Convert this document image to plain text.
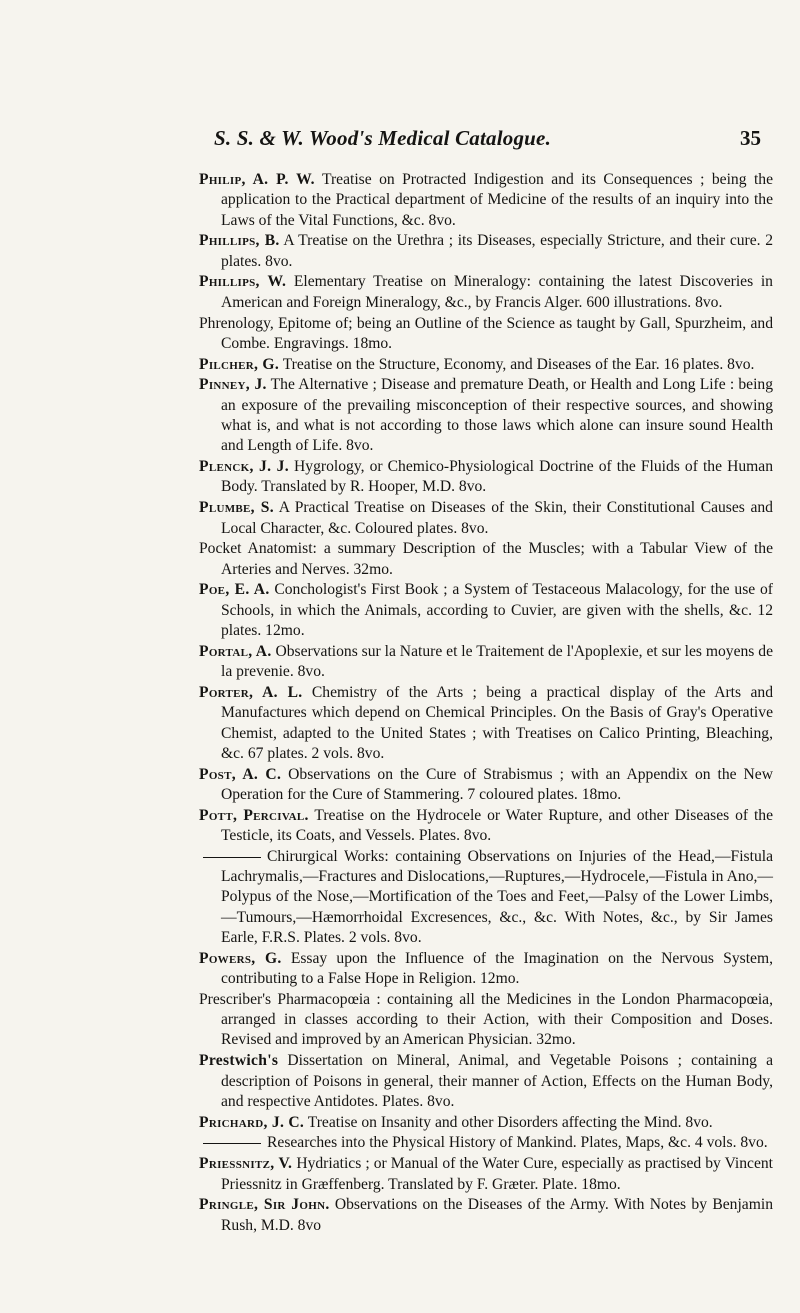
S. S. & W. Wood's Medical Catalogue.	35

Philip, A. P. W. Treatise on Protracted Indigestion and its Consequences ; being the application to the Practical department of Medicine of the results of an inquiry into the Laws of the Vital Functions, &c. 8vo.

Phillips, B. A Treatise on the Urethra ; its Diseases, especially Stricture, and their cure. 2 plates. 8vo.

Phillips, W. Elementary Treatise on Mineralogy: containing the latest Discoveries in American and Foreign Mineralogy, &c., by Francis Alger. 600 illustrations. 8vo.

Phrenology, Epitome of; being an Outline of the Science as taught by Gall, Spurzheim, and Combe. Engravings. 18mo.

Pilcher, G. Treatise on the Structure, Economy, and Diseases of the Ear. 16 plates. 8vo.

Pinney, J. The Alternative ; Disease and premature Death, or Health and Long Life : being an exposure of the prevailing misconception of their respective sources, and showing what is, and what is not according to those laws which alone can insure sound Health and Length of Life. 8vo.

Plenck, J. J. Hygrology, or Chemico-Physiological Doctrine of the Fluids of the Human Body. Translated by R. Hooper, M.D. 8vo.

Plumbe, S. A Practical Treatise on Diseases of the Skin, their Constitutional Causes and Local Character, &c. Coloured plates. 8vo.

Pocket Anatomist: a summary Description of the Muscles; with a Tabular View of the Arteries and Nerves. 32mo.

Poe, E. A. Conchologist's First Book ; a System of Testaceous Malacology, for the use of Schools, in which the Animals, according to Cuvier, are given with the shells, &c. 12 plates. 12mo.

Portal, A. Observations sur la Nature et le Traitement de l'Apoplexie, et sur les moyens de la prevenie. 8vo.

Porter, A. L. Chemistry of the Arts ; being a practical display of the Arts and Manufactures which depend on Chemical Principles. On the Basis of Gray's Operative Chemist, adapted to the United States ; with Treatises on Calico Printing, Bleaching, &c. 67 plates. 2 vols. 8vo.

Post, A. C. Observations on the Cure of Strabismus ; with an Appendix on the New Operation for the Cure of Stammering. 7 coloured plates. 18mo.

Pott, Percival. Treatise on the Hydrocele or Water Rupture, and other Diseases of the Testicle, its Coats, and Vessels. Plates. 8vo.

Chirurgical Works: containing Observations on Injuries of the Head,—Fistula Lachrymalis,—Fractures and Dislocations,—Ruptures,—Hydrocele,—Fistula in Ano,—Polypus of the Nose,—Mortification of the Toes and Feet,—Palsy of the Lower Limbs,—Tumours,—Hæmorrhoidal Excresences, &c., &c. With Notes, &c., by Sir James Earle, F.R.S. Plates. 2 vols. 8vo.

Powers, G. Essay upon the Influence of the Imagination on the Nervous System, contributing to a False Hope in Religion. 12mo.

Prescriber's Pharmacopœia : containing all the Medicines in the London Pharmacopœia, arranged in classes according to their Action, with their Composition and Doses. Revised and improved by an American Physician. 32mo.

Prestwich's Dissertation on Mineral, Animal, and Vegetable Poisons ; containing a description of Poisons in general, their manner of Action, Effects on the Human Body, and respective Antidotes. Plates. 8vo.

Prichard, J. C. Treatise on Insanity and other Disorders affecting the Mind. 8vo.

Researches into the Physical History of Mankind. Plates, Maps, &c. 4 vols. 8vo.

Priessnitz, V. Hydriatics ; or Manual of the Water Cure, especially as practised by Vincent Priessnitz in Græffenberg. Translated by F. Græter. Plate. 18mo.

Pringle, Sir John. Observations on the Diseases of the Army. With Notes by Benjamin Rush, M.D. 8vo
